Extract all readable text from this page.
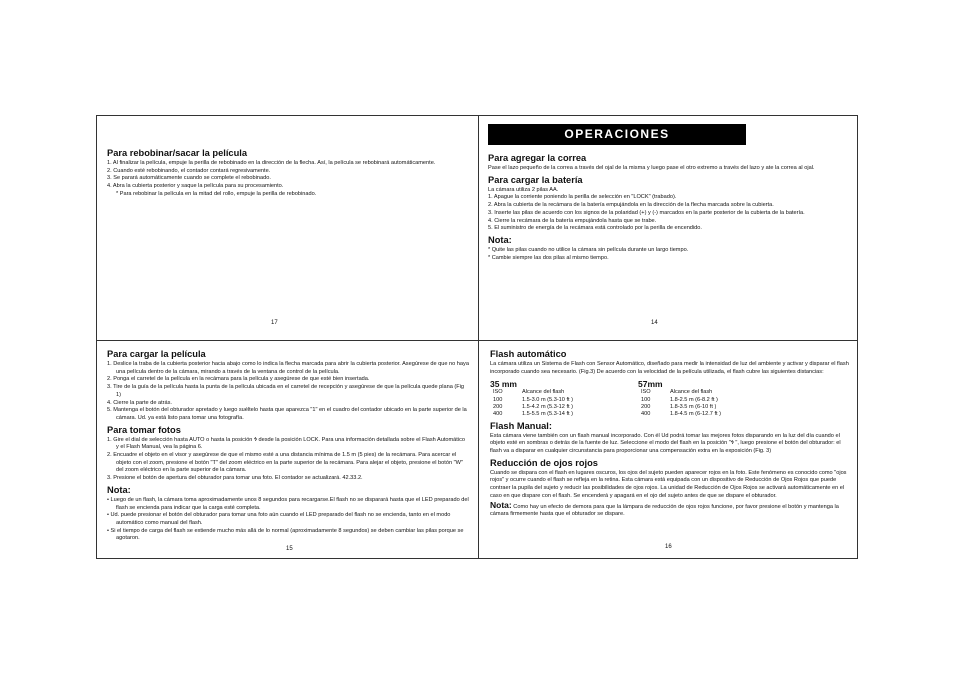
Para rebobinar/sacar la película
1. Al finalizar la película, empuje la perilla de rebobinado en la dirección de la flecha. Así, la película se rebobinará automáticamente.
2. Cuando esté rebobinando, el contador contará regresivamente.
3. Se parará automáticamente cuando se complete el rebobinado.
4. Abra la cubierta posterior y saque la película para su procesamiento.
* Para rebobinar la película en la mitad del rollo, empuje la perilla de rebobinado.
17
OPERACIONES
Para agregar la correa

Pase el lazo pequeño de la correa a través del ojal de la misma y luego pase el otro extremo a través del lazo y ate la correa al ojal.

Para cargar la batería

La cámara utiliza 2 pilas AA.

1. Apague la corriente poniendo la perilla de selección en "LOCK" (trabado).
2. Abra la cubierta de la recámara de la batería empujándola en la dirección de la flecha marcada sobre la cubierta.
3. Inserte las pilas de acuerdo con los signos de la polaridad (+) y (-) marcados en la parte posterior de la cubierta de la batería.
4. Cierre la recámara de la batería empujándola hasta que se trabe.
5. El suministro de energía de la recámara está controlado por la perilla de encendido.
Nota:
* Quite las pilas cuando no utilice la cámara sin película durante un largo tiempo.
* Cambie siempre las dos pilas al mismo tiempo.
14
Para cargar la película
1. Deslice la traba de la cubierta posterior hacia abajo como lo indica la flecha marcada para abrir la cubierta posterior. Asegúrese de que no haya una película dentro de la cámara, mirando a través de la ventana de control de la película.
2. Ponga el carretel de la película en la recámara para la película y asegúrese de que esté bien insertada.
3. Tire de la guía de la película hasta la punta de la película ubicada en el carretel de recepción y asegúrese de que la película quede plana (Fig 1)
4. Cierre la parte de atrás.
5. Mantenga el botón del obturador apretado y luego suéltelo hasta que aparezca "1" en el cuadro del contador ubicado en la parte superior de la cámara. Ud. ya está listo para tomar una fotografía.
Para tomar fotos
1. Gire el dial de selección hasta AUTO o hasta la posición ϟ desde la posición LOCK. Para una información detallada sobre el Flash Automático y el Flash Manual, vea la página 6.
2. Encuadre el objeto en el visor y asegúrese de que el mismo esté a una distancia mínima de 1.5 m (5 pies) de la recámara. Para acercar el objeto con el zoom, presione el botón "T" del zoom eléctrico en la parte superior de la recámara. Para alejar el objeto, presione el botón "W" del zoom eléctrico en la parte superior de la cámara.
3. Presione el botón de apertura del obturador para tomar una foto. El contador se actualizará. 42.33.2.
Nota:
• Luego de un flash, la cámara toma aproximadamente unos 8 segundos para recargarse.El flash no se disparará hasta que el LED preparado del flash se encienda para indicar que la carga esté completa.
• Ud. puede presionar el botón del obturador para tomar una foto aún cuando el LED preparado del flash no se encienda, tanto en el modo automático como manual del flash.
• Si el tiempo de carga del flash se extiende mucho más allá de lo normal (aproximadamente 8 segundos) se deben cambiar las pilas porque se agotaron.
15
Flash automático

La cámara utiliza un Sistema de Flash con Sensor Automático, diseñado para medir la intensidad de luz del ambiente y activar y disparar el flash incorporado cuando sea necesario. (Fig.3) De acuerdo con la velocidad de la película utilizada, el flash cubre las siguientes distancias:

35 mm
ISO	Alcance del flash
100	1.5-3.0 m (5.3-10 ft )
200	1.5-4.2 m (5.3-12 ft )
400	1.5-5.5 m (5.3-14 ft )
57mm
ISO	Alcance del flash
100	1.8-2.5 m (6-8.2 ft )
200	1.8-3.5 m (6-10 ft )
400	1.8-4.5 m (6-12.7 ft )
Flash Manual:

Esta cámara viene también con un flash manual incorporado. Con él Ud podrá tomar las mejores fotos disparando en la luz del día cuando el objeto esté en sombras o detrás de la fuente de luz. Seleccione el modo del flash en la posición "ϟ ", luego presione el botón del obturador: el flash va a disparar en cualquier circunstancia para proporcionar una compensación extra en la exposición (Fig. 3)

Reducción de ojos rojos

Cuando se dispara con el flash en lugares oscuros, los ojos del sujeto pueden aparecer rojos en la foto. Este fenómeno es conocido como "ojos rojos" y ocurre cuando el flash se refleja en la retina. Esta cámara está equipada con un dispositivo de Reducción de Ojos Rojos que puede contraer la pupila del sujeto y reducir las posibilidades de ojos rojos. La unidad de Reducción de Ojos Rojos se activará automáticamente en el caso en que dispare con el flash. Se encenderá y apagará en el ojo del sujeto antes de que se dispare el obturador.

Nota: Como hay un efecto de demora para que la lámpara de reducción de ojos rojos funcione, por favor presione el botón y mantenga la cámara firmemente hasta que el obturador se dispare.

16
